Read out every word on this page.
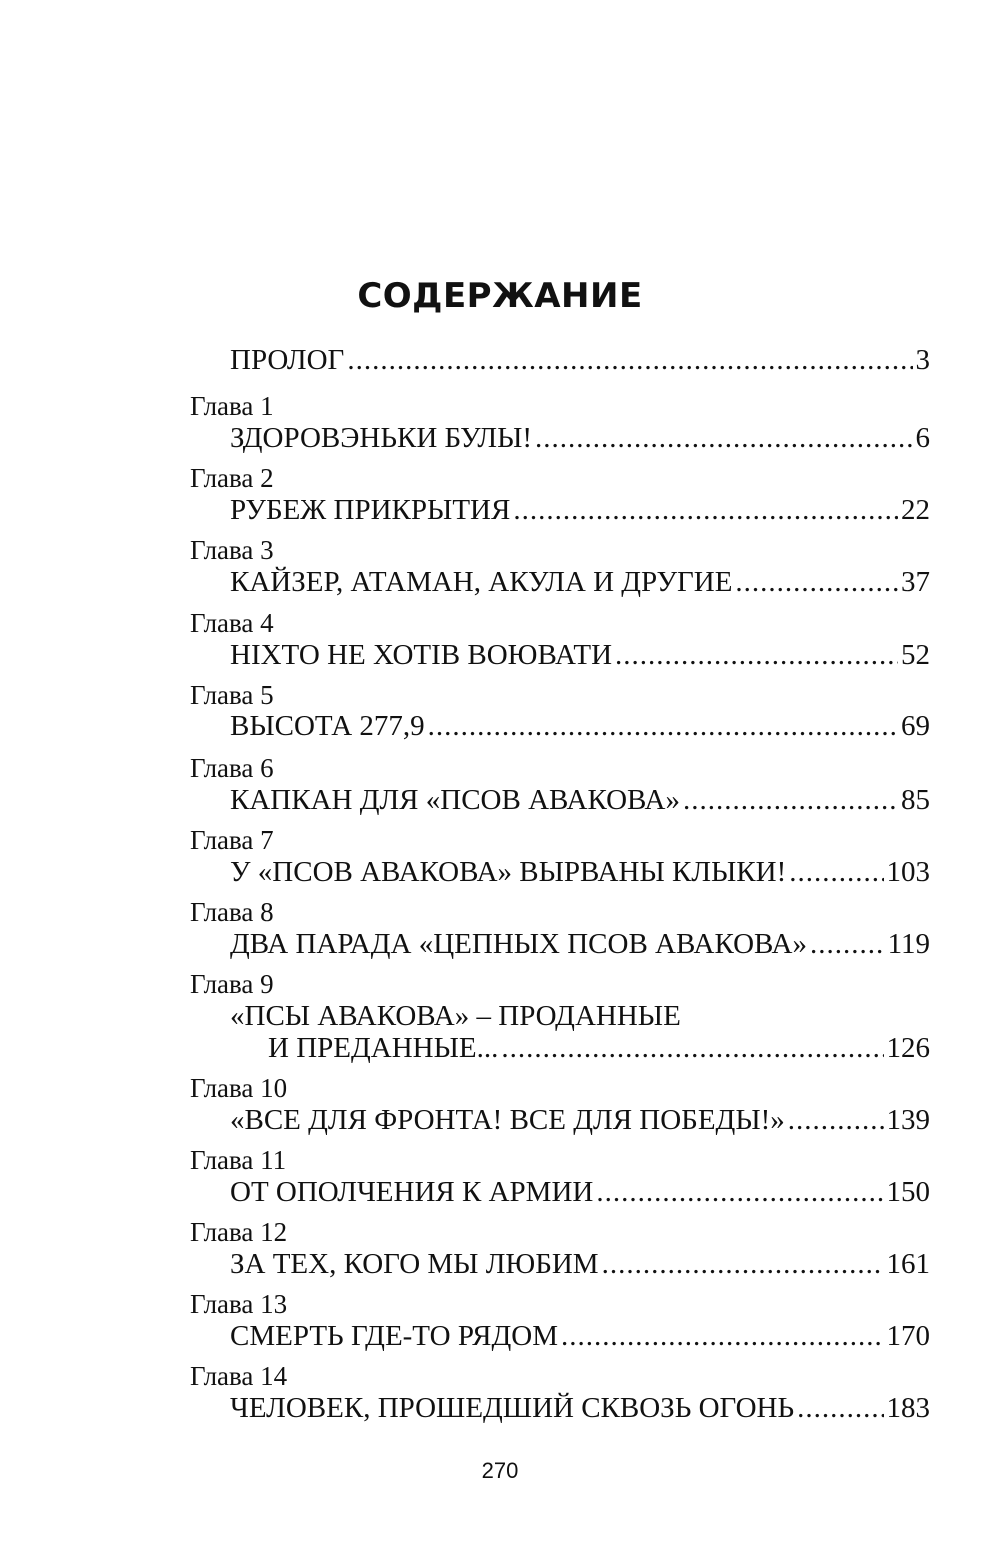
СОДЕРЖАНИЕ
ПРОЛОГ .....	3
Глава 1
ЗДОРОВЭНЬКИ БУЛЫ! .....	6
Глава 2
РУБЕЖ ПРИКРЫТИЯ .....	22
Глава 3
КАЙЗЕР, АТАМАН, АКУЛА И ДРУГИЕ .....	37
Глава 4
НІХТО НЕ ХОТІВ ВОЮВАТИ .....	52
Глава 5
ВЫСОТА 277,9 .....	69
Глава 6
КАПКАН ДЛЯ «ПСОВ АВАКОВА» .....	85
Глава 7
У «ПСОВ АВАКОВА» ВЫРВАНЫ КЛЫКИ! .....	103
Глава 8
ДВА ПАРАДА «ЦЕПНЫХ ПСОВ АВАКОВА» .....	119
Глава 9
«ПСЫ АВАКОВА» – ПРОДАННЫЕ
И ПРЕДАННЫЕ... .....	126
Глава 10
«ВСЕ ДЛЯ ФРОНТА! ВСЕ ДЛЯ ПОБЕДЫ!» .....	139
Глава 11
ОТ ОПОЛЧЕНИЯ К АРМИИ .....	150
Глава 12
ЗА ТЕХ, КОГО МЫ ЛЮБИМ .....	161
Глава 13
СМЕРТЬ ГДЕ-ТО РЯДОМ .....	170
Глава 14
ЧЕЛОВЕК, ПРОШЕДШИЙ СКВОЗЬ ОГОНЬ .....	183
270
